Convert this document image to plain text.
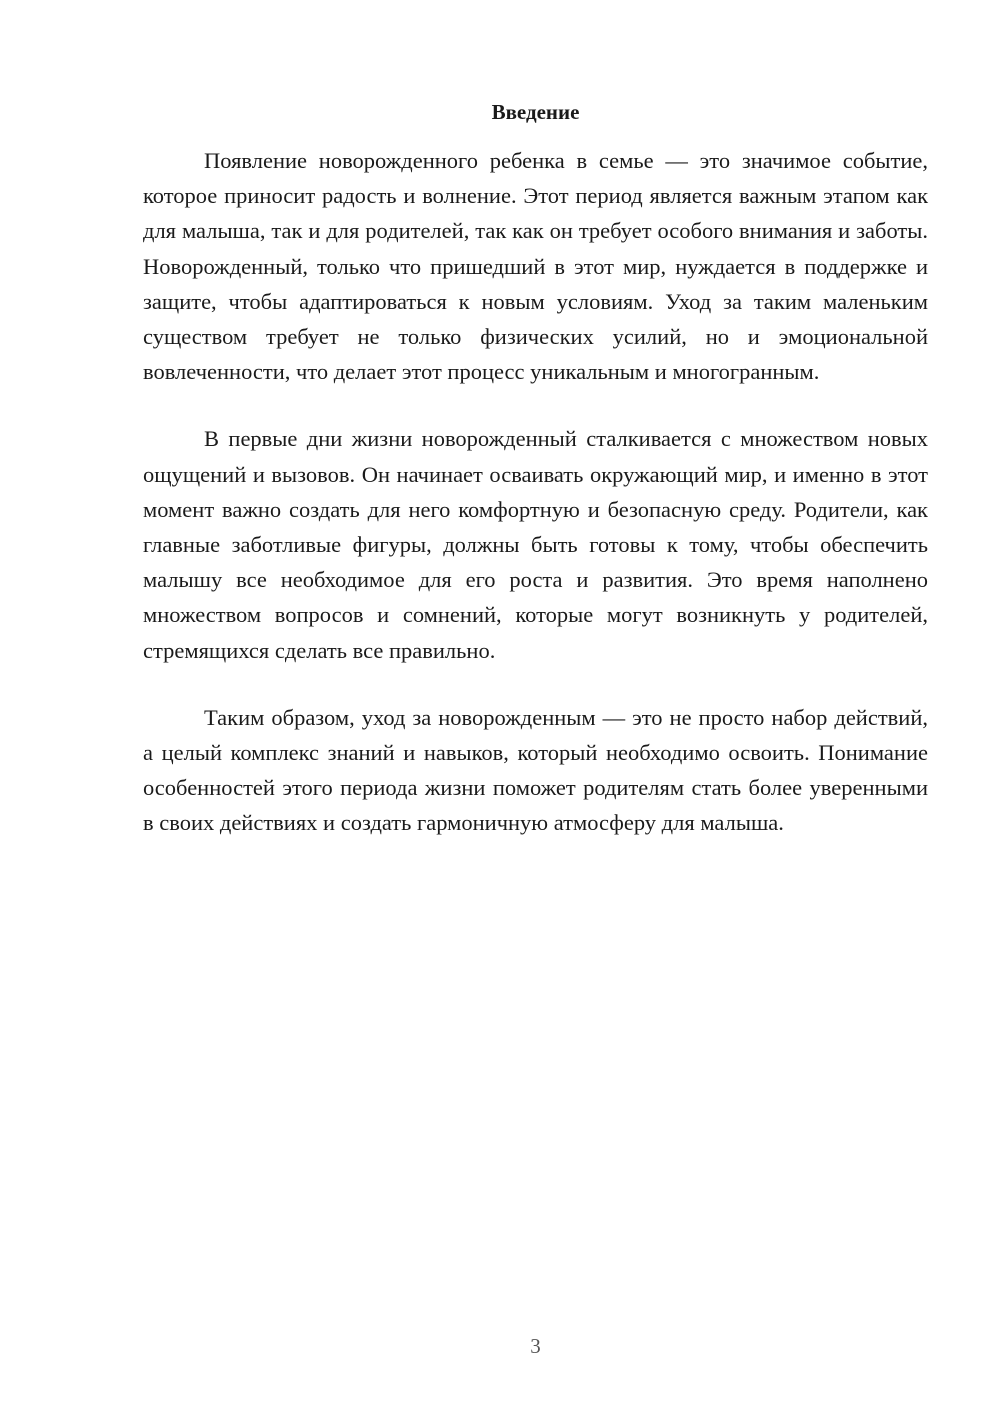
Введение

Появление новорожденного ребенка в семье — это значимое событие, которое приносит радость и волнение. Этот период является важным этапом как для малыша, так и для родителей, так как он требует особого внимания и заботы. Новорожденный, только что пришедший в этот мир, нуждается в поддержке и защите, чтобы адаптироваться к новым условиям. Уход за таким маленьким существом требует не только физических усилий, но и эмоциональной вовлеченности, что делает этот процесс уникальным и многогранным.

В первые дни жизни новорожденный сталкивается с множеством новых ощущений и вызовов. Он начинает осваивать окружающий мир, и именно в этот момент важно создать для него комфортную и безопасную среду. Родители, как главные заботливые фигуры, должны быть готовы к тому, чтобы обеспечить малышу все необходимое для его роста и развития. Это время наполнено множеством вопросов и сомнений, которые могут возникнуть у родителей, стремящихся сделать все правильно.

Таким образом, уход за новорожденным — это не просто набор действий, а целый комплекс знаний и навыков, который необходимо освоить. Понимание особенностей этого периода жизни поможет родителям стать более уверенными в своих действиях и создать гармоничную атмосферу для малыша.

3
